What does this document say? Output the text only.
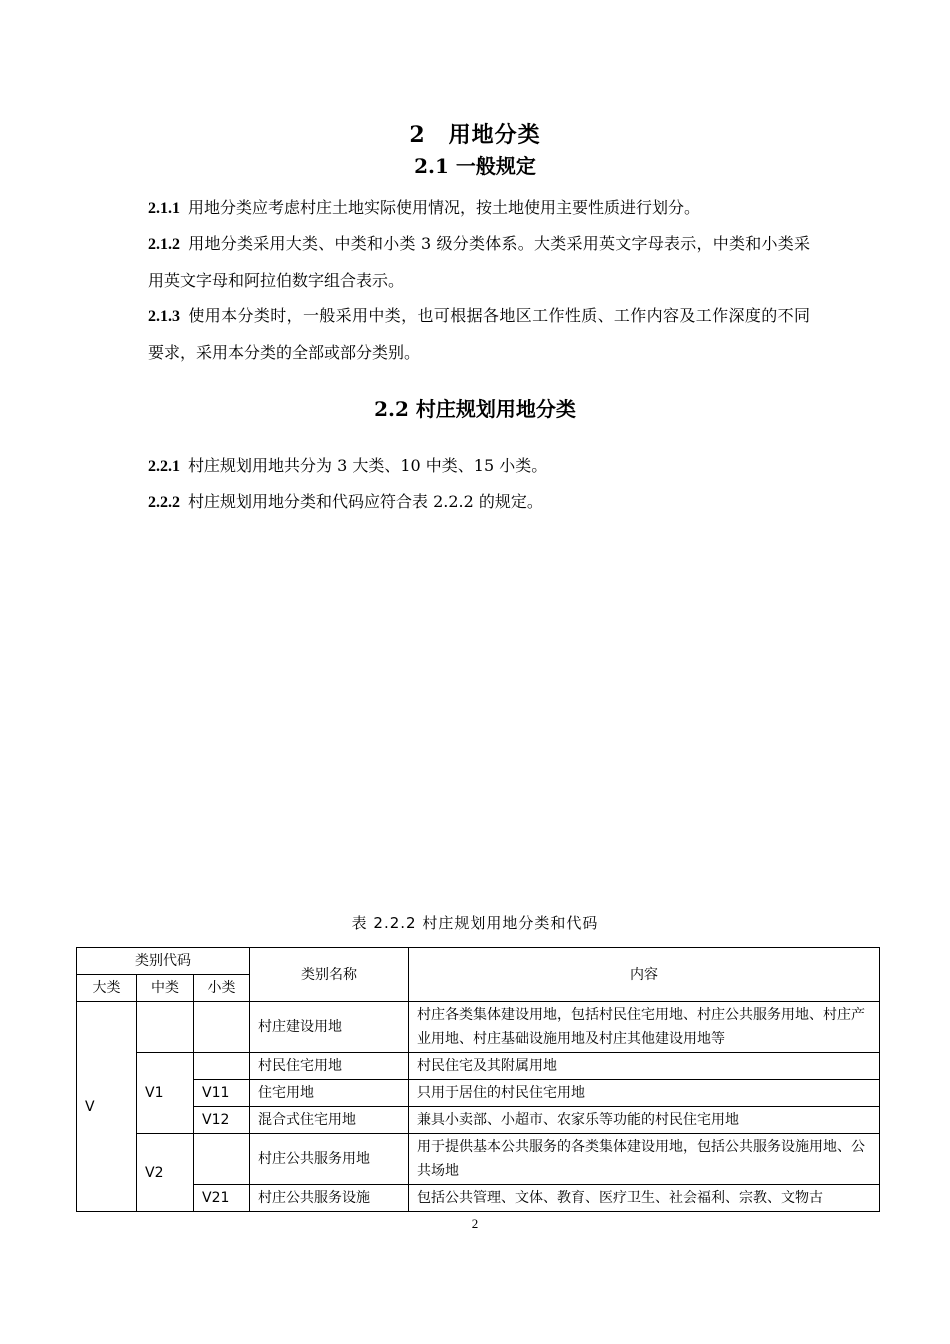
2　用地分类
2.1 一般规定

2.1.1 用地分类应考虑村庄土地实际使用情况，按土地使用主要性质进行划分。

2.1.2 用地分类采用大类、中类和小类 3 级分类体系。大类采用英文字母表示，中类和小类采用英文字母和阿拉伯数字组合表示。

2.1.3 使用本分类时，一般采用中类，也可根据各地区工作性质、工作内容及工作深度的不同要求，采用本分类的全部或部分类别。

2.2 村庄规划用地分类

2.2.1 村庄规划用地共分为 3 大类、10 中类、15 小类。

2.2.2 村庄规划用地分类和代码应符合表 2.2.2 的规定。

表 2.2.2 村庄规划用地分类和代码
类别代码			类别名称	内容
大类	中类	小类		
V			村庄建设用地	村庄各类集体建设用地，包括村民住宅用地、村庄公共服务用地、村庄产业用地、村庄基础设施用地及村庄其他建设用地等
	V1		村民住宅用地	村民住宅及其附属用地
		V11	住宅用地	只用于居住的村民住宅用地
		V12	混合式住宅用地	兼具小卖部、小超市、农家乐等功能的村民住宅用地
	V2		村庄公共服务用地	用于提供基本公共服务的各类集体建设用地，包括公共服务设施用地、公共场地
		V21	村庄公共服务设施	包括公共管理、文体、教育、医疗卫生、社会福利、宗教、文物古
2
